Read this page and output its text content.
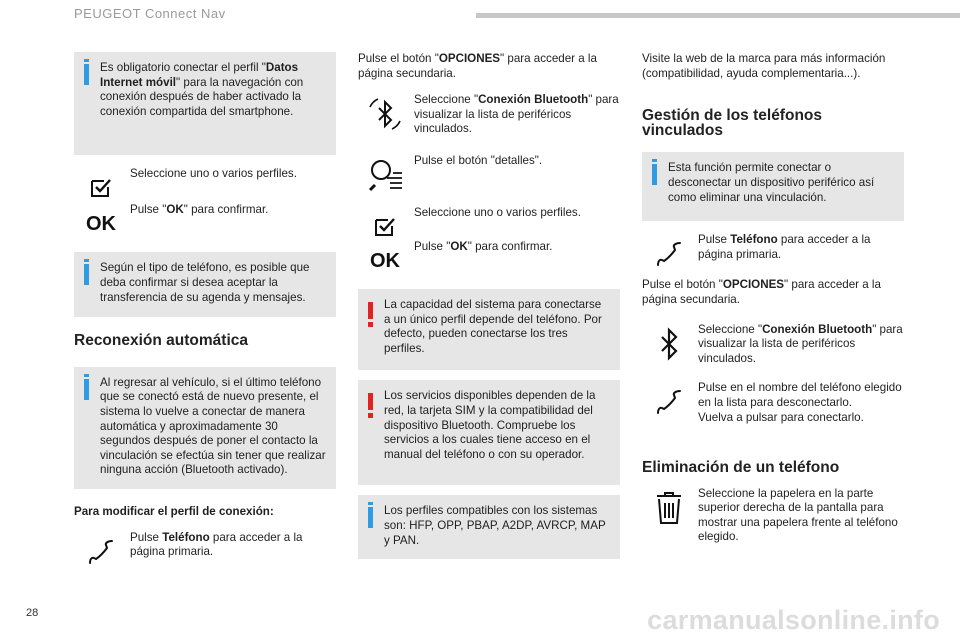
PEUGEOT Connect Nav
Es obligatorio conectar el perfil "Datos Internet móvil" para la navegación con conexión después de haber activado la conexión compartida del smartphone.
Seleccione uno o varios perfiles.
OK
Pulse "OK" para confirmar.
Según el tipo de teléfono, es posible que deba confirmar si desea aceptar la transferencia de su agenda y mensajes.
Reconexión automática
Al regresar al vehículo, si el último teléfono que se conectó está de nuevo presente, el sistema lo vuelve a conectar de manera automática y aproximadamente 30 segundos después de poner el contacto la vinculación se efectúa sin tener que realizar ninguna acción (Bluetooth activado).

Para modificar el perfil de conexión:

Pulse Teléfono para acceder a la página primaria.

Pulse el botón "OPCIONES" para acceder a la página secundaria.

Seleccione "Conexión Bluetooth" para visualizar la lista de periféricos vinculados.
Pulse el botón "detalles".
Seleccione uno o varios perfiles.
OK
Pulse "OK" para confirmar.
La capacidad del sistema para conectarse a un único perfil depende del teléfono. Por defecto, pueden conectarse los tres perfiles.
Los servicios disponibles dependen de la red, la tarjeta SIM y la compatibilidad del dispositivo Bluetooth. Compruebe los servicios a los cuales tiene acceso en el manual del teléfono o con su operador.
Los perfiles compatibles con los sistemas son: HFP, OPP, PBAP, A2DP, AVRCP, MAP y PAN.

Visite la web de la marca para más información (compatibilidad, ayuda complementaria...).

Gestión de los teléfonos vinculados
Esta función permite conectar o desconectar un dispositivo periférico así como eliminar una vinculación.
Pulse Teléfono para acceder a la página primaria.

Pulse el botón "OPCIONES" para acceder a la página secundaria.

Seleccione "Conexión Bluetooth" para visualizar la lista de periféricos vinculados.
Pulse en el nombre del teléfono elegido en la lista para desconectarlo.
Vuelva a pulsar para conectarlo.
Eliminación de un teléfono
Seleccione la papelera en la parte superior derecha de la pantalla para mostrar una papelera frente al teléfono elegido.
28	carmanualsonline.info
